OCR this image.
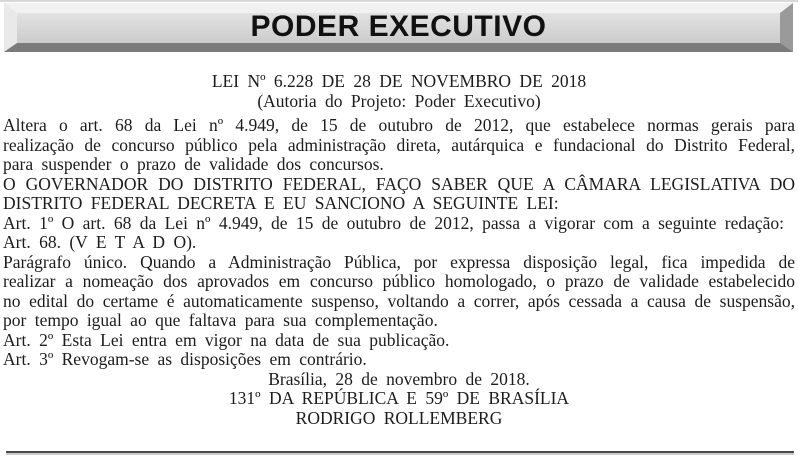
PODER EXECUTIVO

LEI Nº 6.228 DE 28 DE NOVEMBRO DE 2018

(Autoria do Projeto: Poder Executivo)

Altera o art. 68 da Lei nº 4.949, de 15 de outubro de 2012, que estabelece normas gerais para realização de concurso público pela administração direta, autárquica e fundacional do Distrito Federal, para suspender o prazo de validade dos concursos.

O GOVERNADOR DO DISTRITO FEDERAL, FAÇO SABER QUE A CÂMARA LEGISLATIVA DO DISTRITO FEDERAL DECRETA E EU SANCIONO A SEGUINTE LEI:

Art. 1º O art. 68 da Lei nº 4.949, de 15 de outubro de 2012, passa a vigorar com a seguinte redação:

Art. 68. (V E T A D O).

Parágrafo único. Quando a Administração Pública, por expressa disposição legal, fica impedida de realizar a nomeação dos aprovados em concurso público homologado, o prazo de validade estabelecido no edital do certame é automaticamente suspenso, voltando a correr, após cessada a causa de suspensão, por tempo igual ao que faltava para sua complementação.

Art. 2º Esta Lei entra em vigor na data de sua publicação.

Art. 3º Revogam-se as disposições em contrário.

Brasília, 28 de novembro de 2018.

131º DA REPÚBLICA E 59º DE BRASÍLIA

RODRIGO ROLLEMBERG
